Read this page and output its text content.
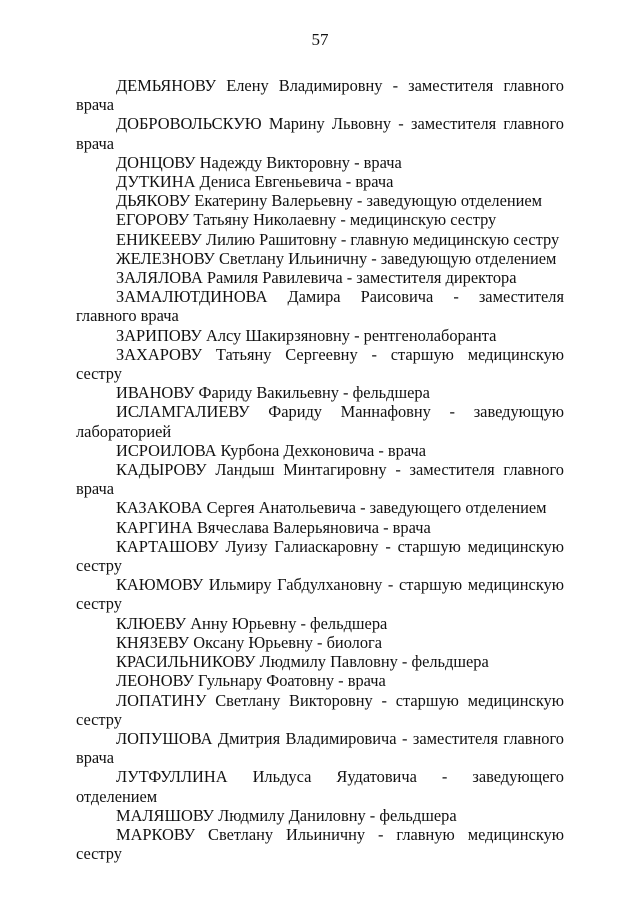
57

ДЕМЬЯНОВУ Елену Владимировну - заместителя главного врача

ДОБРОВОЛЬСКУЮ Марину Львовну - заместителя главного врача

ДОНЦОВУ Надежду Викторовну - врача

ДУТКИНА Дениса Евгеньевича - врача

ДЬЯКОВУ Екатерину Валерьевну - заведующую отделением

ЕГОРОВУ Татьяну Николаевну - медицинскую сестру

ЕНИКЕЕВУ Лилию Рашитовну - главную медицинскую сестру

ЖЕЛЕЗНОВУ Светлану Ильиничну - заведующую отделением

ЗАЛЯЛОВА Рамиля Равилевича - заместителя директора

ЗАМАЛЮТДИНОВА Дамира Раисовича - заместителя главного врача

ЗАРИПОВУ Алсу Шакирзяновну - рентгенолаборанта

ЗАХАРОВУ Татьяну Сергеевну - старшую медицинскую сестру

ИВАНОВУ Фариду Вакильевну - фельдшера

ИСЛАМГАЛИЕВУ Фариду Маннафовну - заведующую лабораторией

ИСРОИЛОВА Курбона Дехконовича - врача

КАДЫРОВУ Ландыш Минтагировну - заместителя главного врача

КАЗАКОВА Сергея Анатольевича - заведующего отделением

КАРГИНА Вячеслава Валерьяновича - врача

КАРТАШОВУ Луизу Галиаскаровну - старшую медицинскую сестру

КАЮМОВУ Ильмиру Габдулхановну - старшую медицинскую сестру

КЛЮЕВУ Анну Юрьевну - фельдшера

КНЯЗЕВУ Оксану Юрьевну - биолога

КРАСИЛЬНИКОВУ Людмилу Павловну - фельдшера

ЛЕОНОВУ Гульнару Фоатовну - врача

ЛОПАТИНУ Светлану Викторовну - старшую медицинскую сестру

ЛОПУШОВА Дмитрия Владимировича - заместителя главного врача

ЛУТФУЛЛИНА Ильдуса Яудатовича - заведующего отделением

МАЛЯШОВУ Людмилу Даниловну - фельдшера

МАРКОВУ Светлану Ильиничну - главную медицинскую сестру
